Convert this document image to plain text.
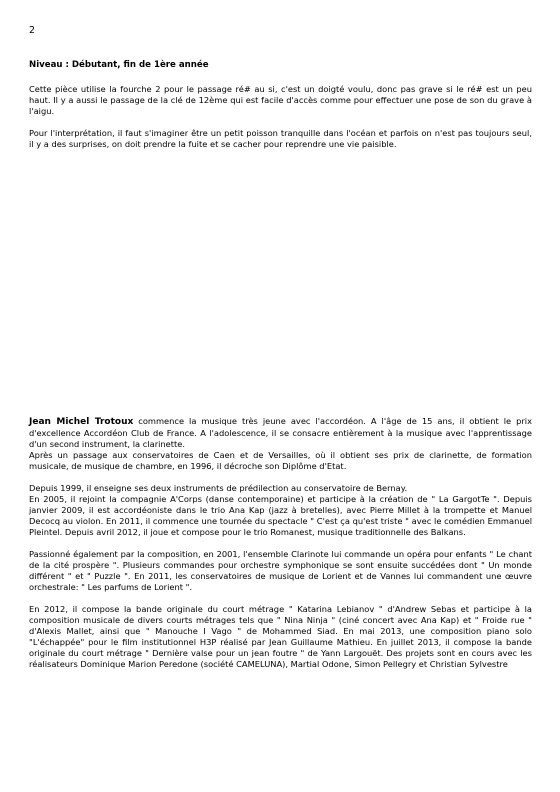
2
Niveau : Débutant, fin de 1ère année

Cette pièce utilise la fourche 2 pour le passage ré# au si, c'est un doigté voulu, donc pas grave si le ré# est un peu haut. Il y a aussi le passage de la clé de 12ème qui est facile d'accès comme pour effectuer une pose de son du grave à l'aigu.

Pour l'interprétation, il faut s'imaginer être un petit poisson tranquille dans l'océan et parfois on n'est pas toujours seul, il y a des surprises, on doit prendre la fuite et se cacher pour reprendre une vie paisible.

Jean Michel Trotoux commence la musique très jeune avec l'accordéon. A l'âge de 15 ans, il obtient le prix d'excellence Accordéon Club de France. A l'adolescence, il se consacre entièrement à la musique avec l'apprentissage d'un second instrument, la clarinette.

Après un passage aux conservatoires de Caen et de Versailles, où il obtient ses prix de clarinette, de formation musicale, de musique de chambre, en 1996, il décroche son Diplôme d'Etat.

Depuis 1999, il enseigne ses deux instruments de prédilection au conservatoire de Bernay.

En 2005, il rejoint la compagnie A'Corps (danse contemporaine) et participe à la création de " La GargotTe ". Depuis janvier 2009, il est accordéoniste dans le trio Ana Kap (jazz à bretelles), avec Pierre Millet à la trompette et Manuel Decocq au violon. En 2011, il commence une tournée du spectacle " C'est ça qu'est triste " avec le comédien Emmanuel Pleintel. Depuis avril 2012, il joue et compose pour le trio Romanest, musique traditionnelle des Balkans.

Passionné également par la composition, en 2001, l'ensemble Clarinote lui commande un opéra pour enfants " Le chant de la cité prospère ". Plusieurs commandes pour orchestre symphonique se sont ensuite succédées dont " Un monde différent " et " Puzzle ". En 2011, les conservatoires de musique de Lorient et de Vannes lui commandent une œuvre orchestrale: " Les parfums de Lorient ".

En 2012, il compose la bande originale du court métrage " Katarina Lebianov " d'Andrew Sebas et participe à la composition musicale de divers courts métrages tels que " Nina Ninja " (ciné concert avec Ana Kap) et " Froide rue " d'Alexis Mallet, ainsi que " Manouche I Vago " de Mohammed Siad. En mai 2013, une composition piano solo "L'échappée" pour le film institutionnel H3P réalisé par Jean Guillaume Mathieu. En juillet 2013, il compose la bande originale du court métrage " Dernière valse pour un jean foutre " de Yann Largouët. Des projets sont en cours avec les réalisateurs Dominique Marion Peredone (société CAMELUNA), Martial Odone, Simon Pellegry et Christian Sylvestre
